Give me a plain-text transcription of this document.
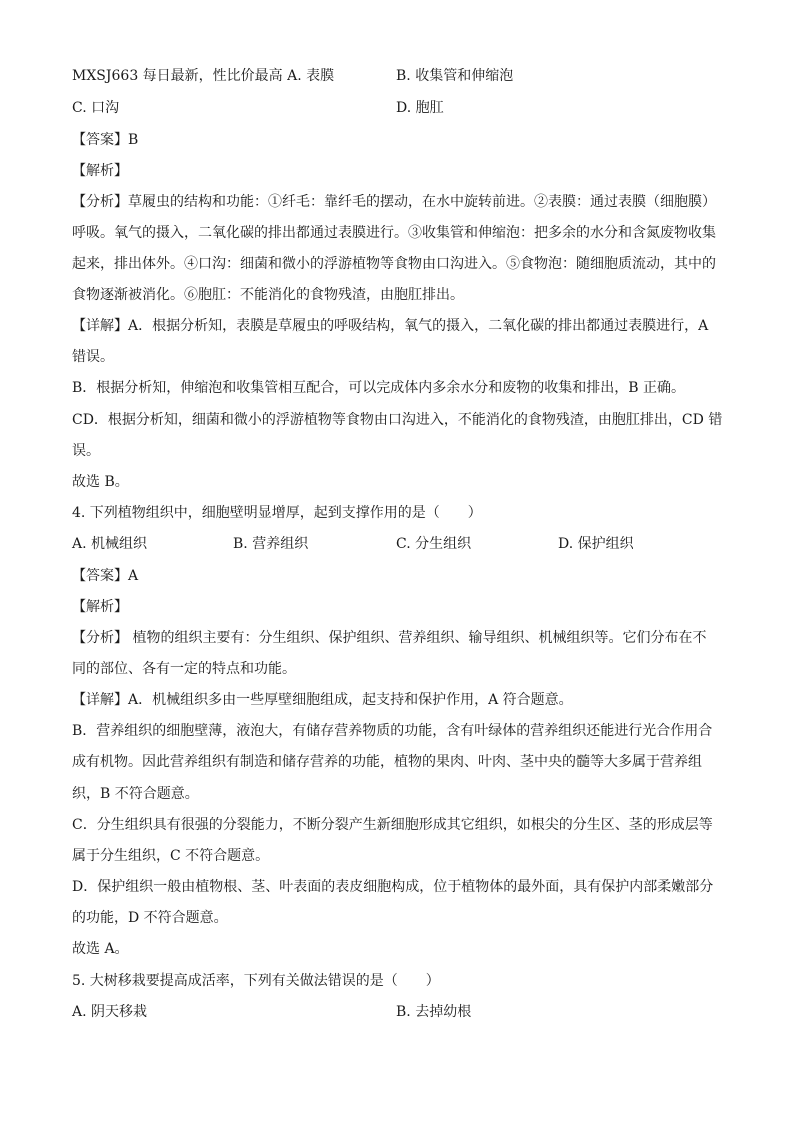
MXSJ663 每日最新，性比价最高 A. 表膜	B. 收集管和伸缩泡
C. 口沟	D. 胞肛
【答案】B
【解析】
【分析】草履虫的结构和功能：①纤毛：靠纤毛的摆动，在水中旋转前进。②表膜：通过表膜（细胞膜）
呼吸。氧气的摄入，二氧化碳的排出都通过表膜进行。③收集管和伸缩泡：把多余的水分和含氮废物收集
起来，排出体外。④口沟：细菌和微小的浮游植物等食物由口沟进入。⑤食物泡：随细胞质流动，其中的
食物逐渐被消化。⑥胞肛：不能消化的食物残渣，由胞肛排出。
【详解】A．根据分析知，表膜是草履虫的呼吸结构，氧气的摄入，二氧化碳的排出都通过表膜进行，A
错误。
B．根据分析知，伸缩泡和收集管相互配合，可以完成体内多余水分和废物的收集和排出，B 正确。
CD．根据分析知，细菌和微小的浮游植物等食物由口沟进入，不能消化的食物残渣，由胞肛排出，CD 错
误。
故选 B。
4. 下列植物组织中，细胞壁明显增厚，起到支撑作用的是（　　）
A. 机械组织	B. 营养组织	C. 分生组织	D. 保护组织
【答案】A
【解析】
【分析】 植物的组织主要有：分生组织、保护组织、营养组织、输导组织、机械组织等。它们分布在不
同的部位、各有一定的特点和功能。
【详解】A．机械组织多由一些厚壁细胞组成，起支持和保护作用，A 符合题意。
B．营养组织的细胞壁薄，液泡大，有储存营养物质的功能，含有叶绿体的营养组织还能进行光合作用合
成有机物。因此营养组织有制造和储存营养的功能，植物的果肉、叶肉、茎中央的髓等大多属于营养组
织，B 不符合题意。
C．分生组织具有很强的分裂能力，不断分裂产生新细胞形成其它组织，如根尖的分生区、茎的形成层等
属于分生组织，C 不符合题意。
D．保护组织一般由植物根、茎、叶表面的表皮细胞构成，位于植物体的最外面，具有保护内部柔嫩部分
的功能，D 不符合题意。
故选 A。
5. 大树移栽要提高成活率，下列有关做法错误的是（　　）
A. 阴天移栽	B. 去掉幼根
